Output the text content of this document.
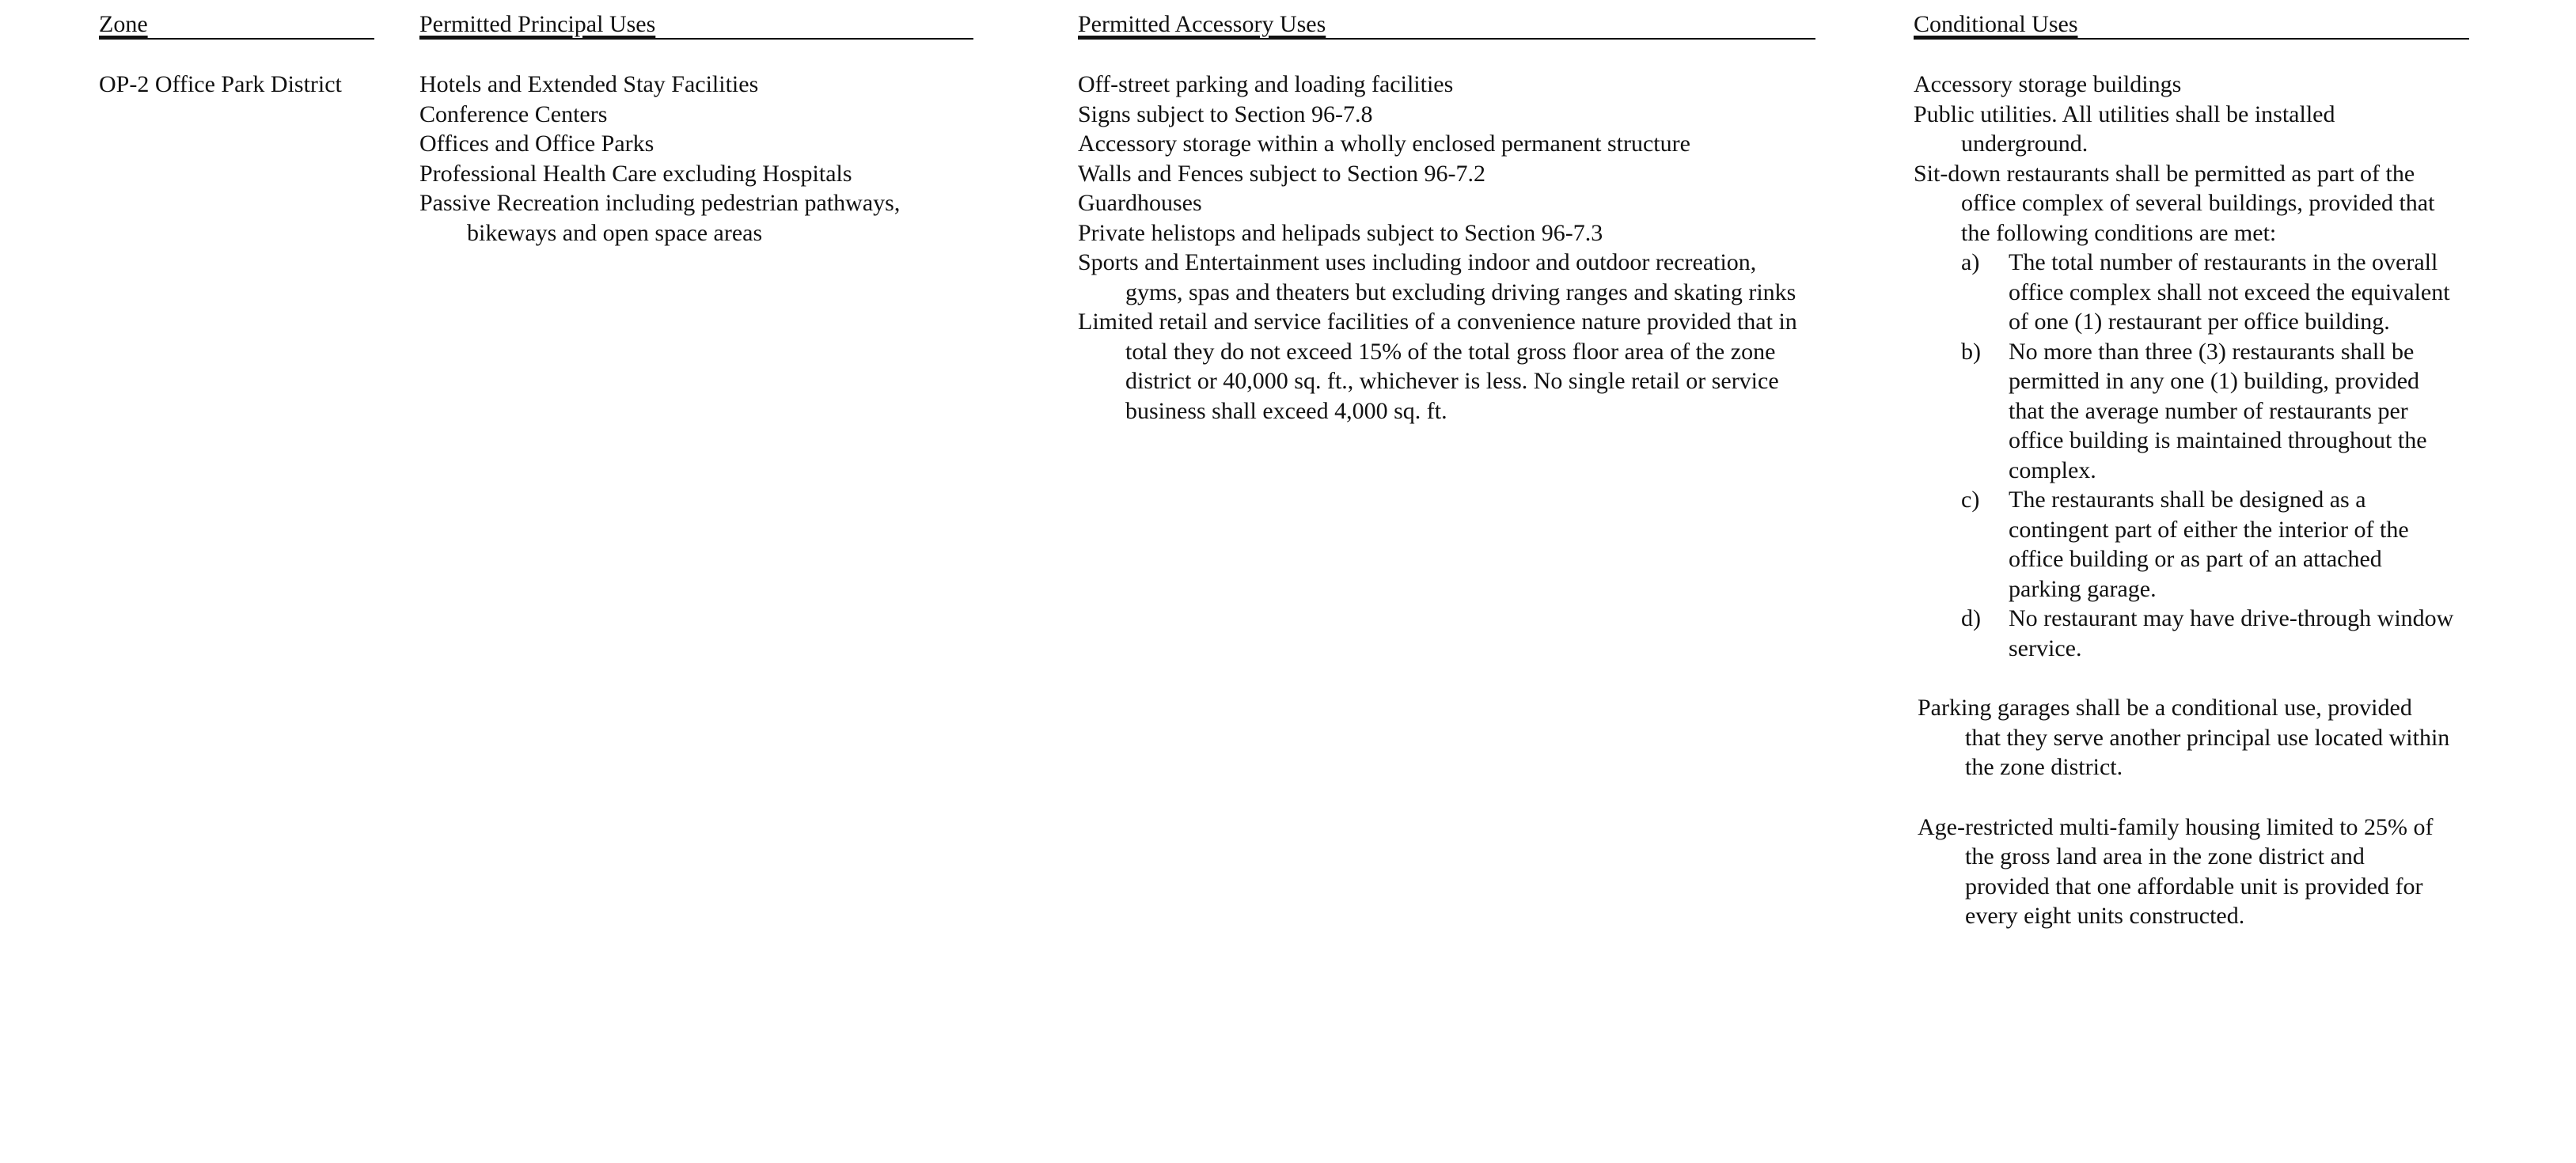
Zone

OP-2 Office Park District

Permitted Principal Uses

Hotels and Extended Stay Facilities

Conference Centers

Offices and Office Parks

Professional Health Care excluding Hospitals

Passive Recreation including pedestrian pathways,
bikeways and open space areas

Permitted Accessory Uses

Off-street parking and loading facilities

Signs subject to Section 96-7.8

Accessory storage within a wholly enclosed permanent structure

Walls and Fences subject to Section 96-7.2

Guardhouses

Private helistops and helipads subject to Section 96-7.3

Sports and Entertainment uses including indoor and outdoor recreation,
gyms, spas and theaters but excluding driving ranges and skating rinks

Limited retail and service facilities of a convenience nature provided that in
total they do not exceed 15% of the total gross floor area of the zone
district or 40,000 sq. ft., whichever is less. No single retail or service
business shall exceed 4,000 sq. ft.

Conditional Uses

Accessory storage buildings

Public utilities. All utilities shall be installed
underground.

Sit-down restaurants shall be permitted as part of the
office complex of several buildings, provided that
the following conditions are met:

a) The total number of restaurants in the overall
office complex shall not exceed the equivalent
of one (1) restaurant per office building.

b) No more than three (3) restaurants shall be
permitted in any one (1) building, provided
that the average number of restaurants per
office building is maintained throughout the
complex.

c) The restaurants shall be designed as a
contingent part of either the interior of the
office building or as part of an attached
parking garage.

d) No restaurant may have drive-through window
service.

Parking garages shall be a conditional use, provided
that they serve another principal use located within
the zone district.

Age-restricted multi-family housing limited to 25% of
the gross land area in the zone district and
provided that one affordable unit is provided for
every eight units constructed.
